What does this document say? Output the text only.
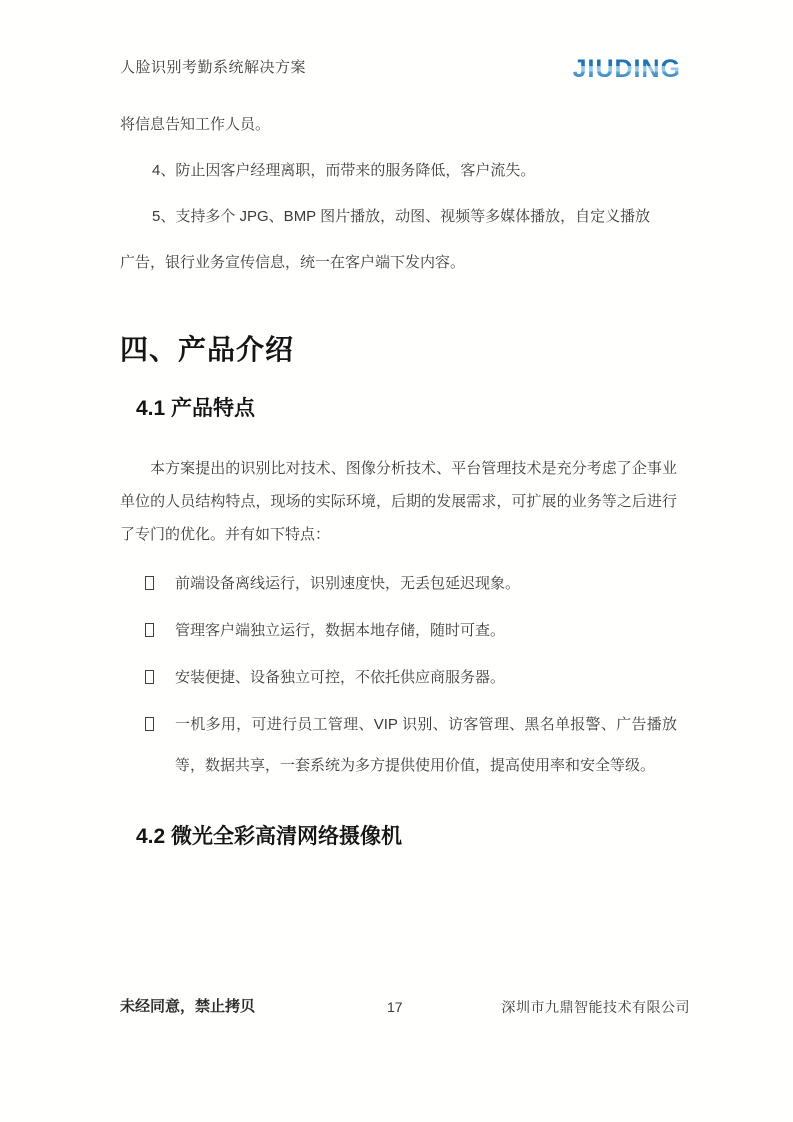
人脸识别考勤系统解决方案	JIUDING

将信息告知工作人员。

4、防止因客户经理离职，而带来的服务降低，客户流失。

5、支持多个 JPG、BMP 图片播放，动图、视频等多媒体播放，自定义播放

广告，银行业务宣传信息，统一在客户端下发内容。

四、产品介绍
4.1 产品特点

本方案提出的识别比对技术、图像分析技术、平台管理技术是充分考虑了企事业单位的人员结构特点，现场的实际环境，后期的发展需求，可扩展的业务等之后进行了专门的优化。并有如下特点：

前端设备离线运行，识别速度快，无丢包延迟现象。
管理客户端独立运行，数据本地存储，随时可查。
安装便捷、设备独立可控，不依托供应商服务器。
一机多用，可进行员工管理、VIP 识别、访客管理、黑名单报警、广告播放等，数据共享，一套系统为多方提供使用价值，提高使用率和安全等级。
4.2 微光全彩高清网络摄像机
未经同意，禁止拷贝	17	深圳市九鼎智能技术有限公司
